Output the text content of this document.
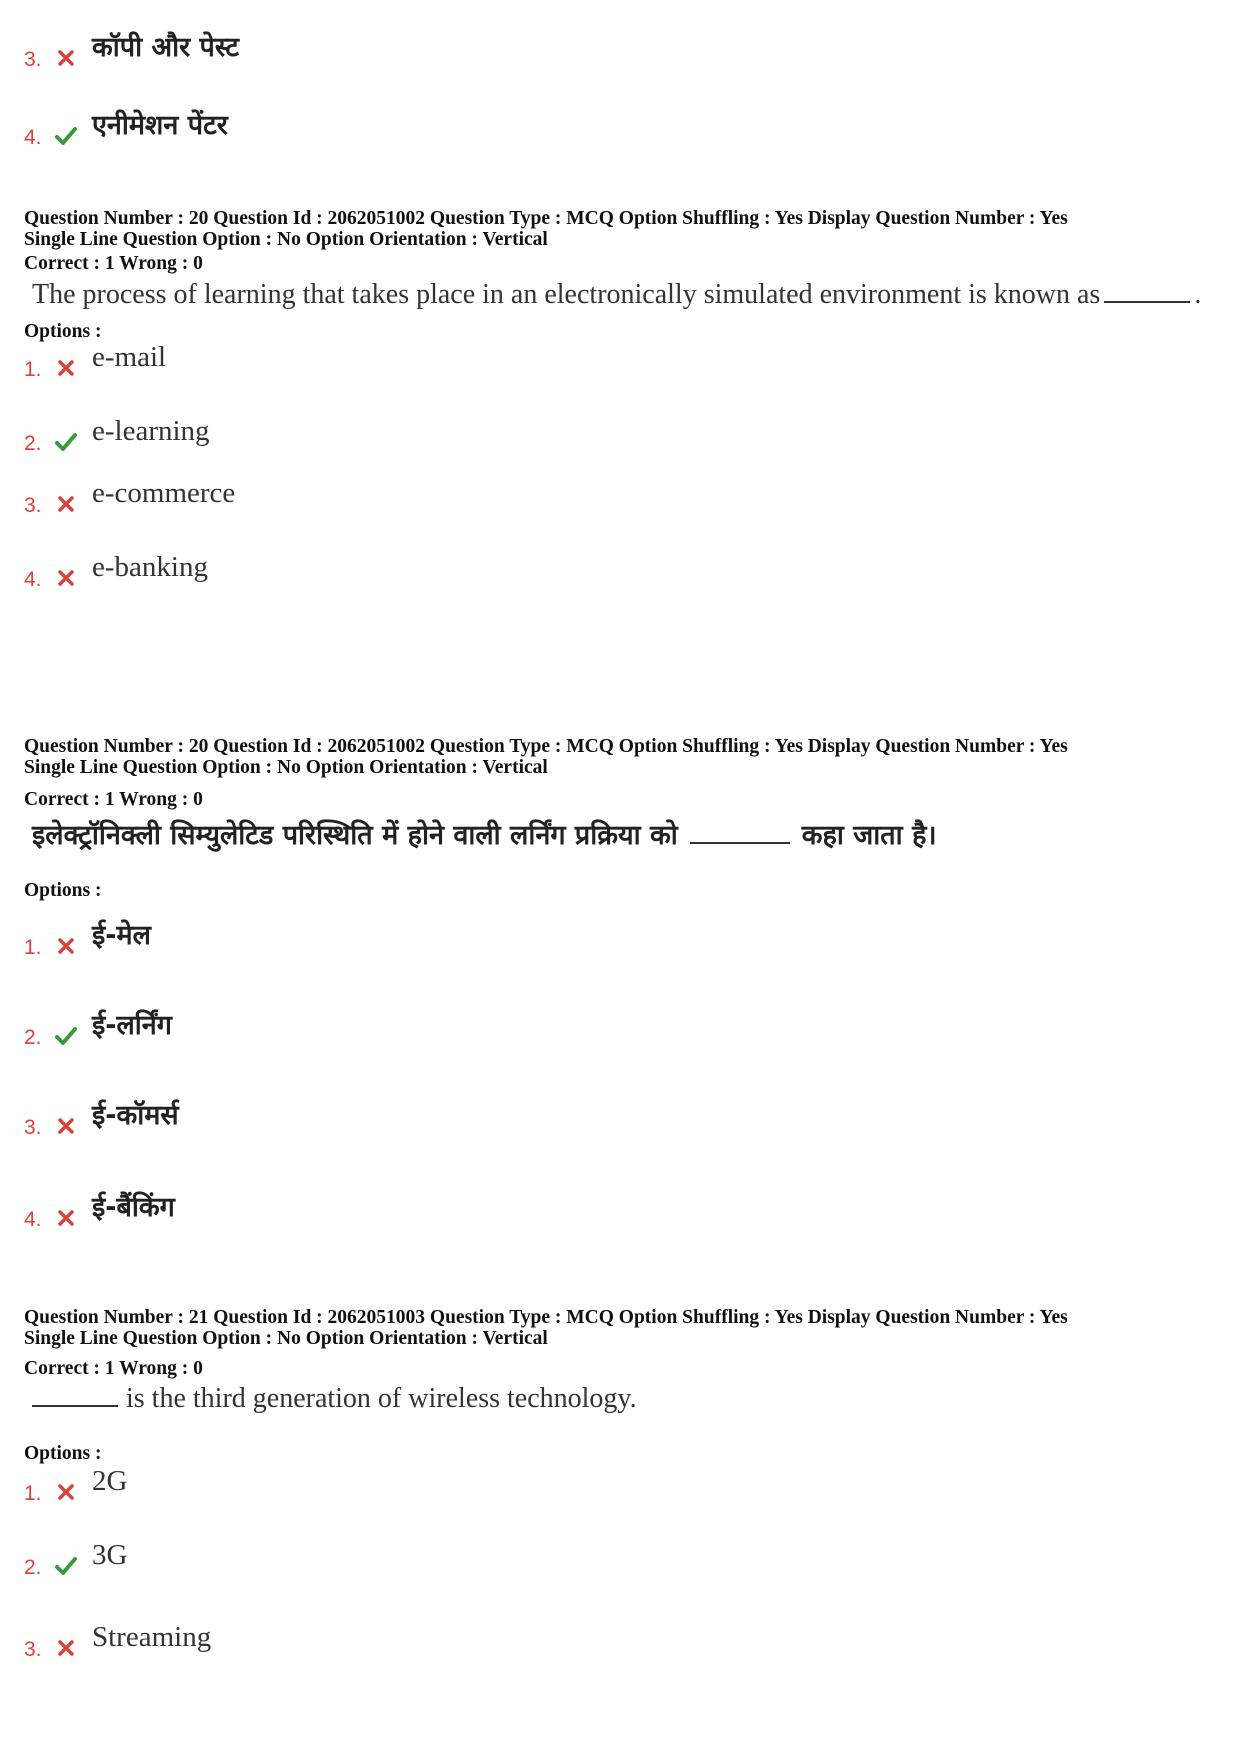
3. कॉपी और पेस्ट
4. एनीमेशन पेंटर
Question Number : 20 Question Id : 2062051002 Question Type : MCQ Option Shuffling : Yes Display Question Number : Yes
Single Line Question Option : No Option Orientation : Vertical
Correct : 1 Wrong : 0
The process of learning that takes place in an electronically simulated environment is known as	.
Options :
1. e-mail
2. e-learning
3. e-commerce
4. e-banking
Question Number : 20 Question Id : 2062051002 Question Type : MCQ Option Shuffling : Yes Display Question Number : Yes
Single Line Question Option : No Option Orientation : Vertical
Correct : 1 Wrong : 0
इलेक्ट्रॉनिक्ली सिम्युलेटिड परिस्थिति में होने वाली लर्निंग प्रक्रिया को	कहा जाता है।
Options :
1. ई-मेल
2. ई-लर्निंग
3. ई-कॉमर्स
4. ई-बैंकिंग
Question Number : 21 Question Id : 2062051003 Question Type : MCQ Option Shuffling : Yes Display Question Number : Yes
Single Line Question Option : No Option Orientation : Vertical
Correct : 1 Wrong : 0
is the third generation of wireless technology.
Options :
1. 2G
2. 3G
3. Streaming
